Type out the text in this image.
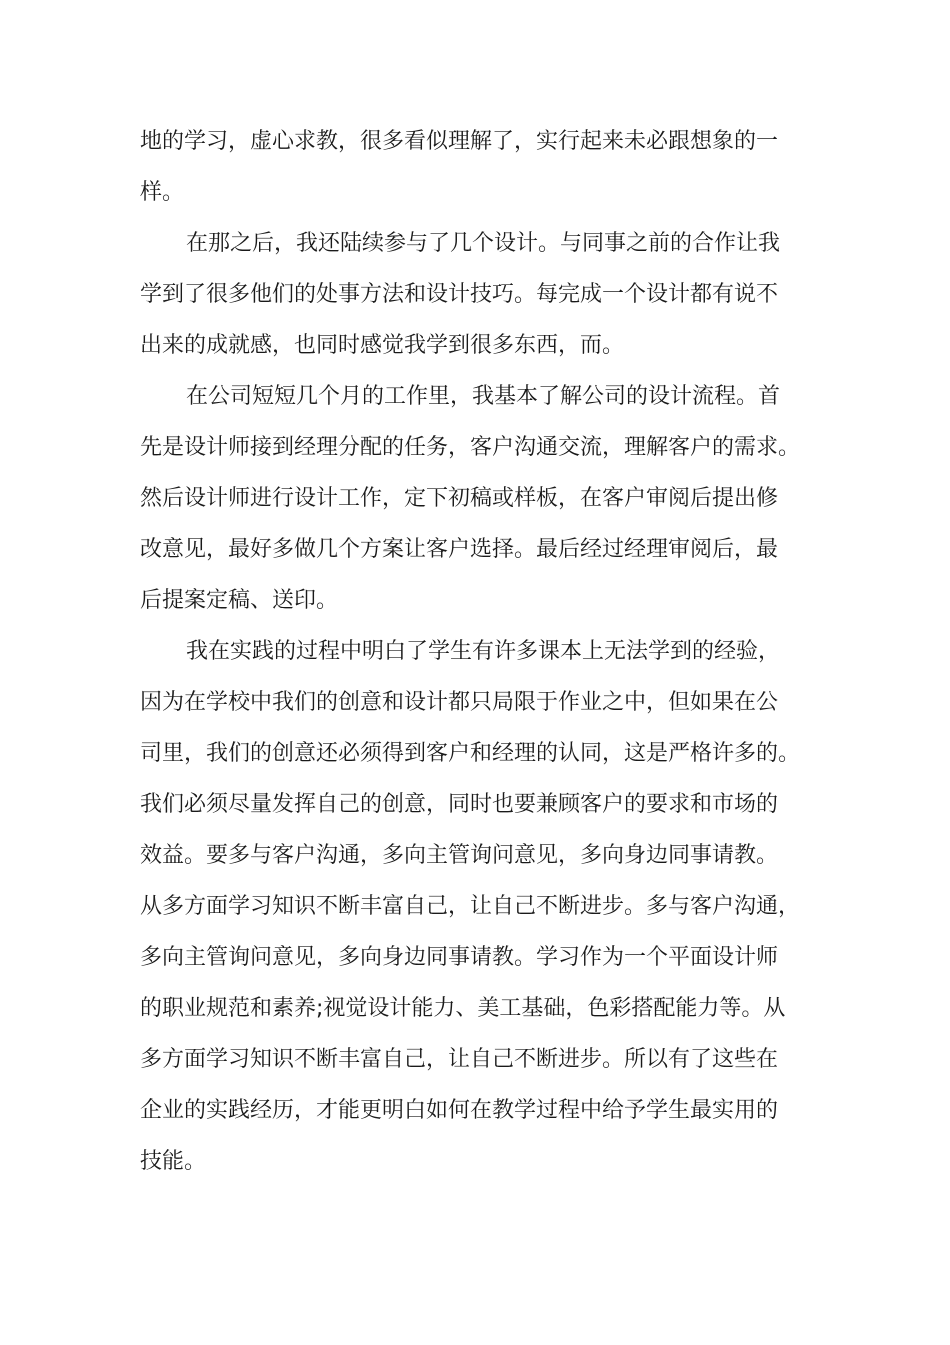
地的学习，虚心求教，很多看似理解了，实行起来未必跟想象的一
样。
在那之后，我还陆续参与了几个设计。与同事之前的合作让我
学到了很多他们的处事方法和设计技巧。每完成一个设计都有说不
出来的成就感，也同时感觉我学到很多东西，而。
在公司短短几个月的工作里，我基本了解公司的设计流程。首
先是设计师接到经理分配的任务，客户沟通交流，理解客户的需求。
然后设计师进行设计工作，定下初稿或样板，在客户审阅后提出修
改意见，最好多做几个方案让客户选择。最后经过经理审阅后，最
后提案定稿、送印。
我在实践的过程中明白了学生有许多课本上无法学到的经验，
因为在学校中我们的创意和设计都只局限于作业之中，但如果在公
司里，我们的创意还必须得到客户和经理的认同，这是严格许多的。
我们必须尽量发挥自己的创意，同时也要兼顾客户的要求和市场的
效益。要多与客户沟通，多向主管询问意见，多向身边同事请教。
从多方面学习知识不断丰富自己，让自己不断进步。多与客户沟通，
多向主管询问意见，多向身边同事请教。学习作为一个平面设计师
的职业规范和素养;视觉设计能力、美工基础，色彩搭配能力等。从
多方面学习知识不断丰富自己，让自己不断进步。所以有了这些在
企业的实践经历，才能更明白如何在教学过程中给予学生最实用的
技能。
